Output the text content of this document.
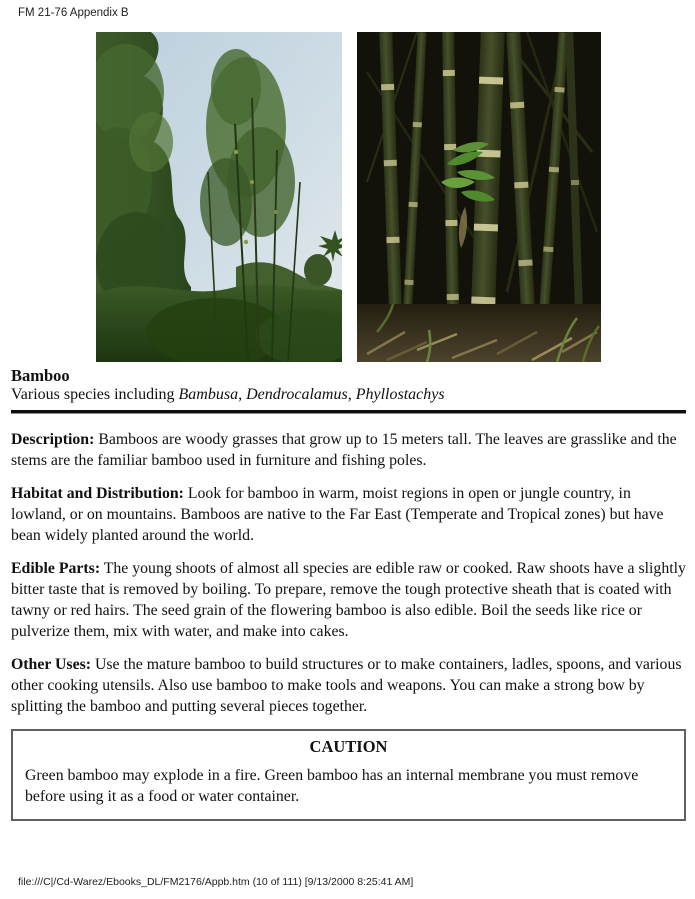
FM 21-76 Appendix B
Bamboo
Various species including Bambusa, Dendrocalamus, Phyllostachys

Description: Bamboos are woody grasses that grow up to 15 meters tall. The leaves are grasslike and the stems are the familiar bamboo used in furniture and fishing poles.

Habitat and Distribution: Look for bamboo in warm, moist regions in open or jungle country, in lowland, or on mountains. Bamboos are native to the Far East (Temperate and Tropical zones) but have bean widely planted around the world.

Edible Parts: The young shoots of almost all species are edible raw or cooked. Raw shoots have a slightly bitter taste that is removed by boiling. To prepare, remove the tough protective sheath that is coated with tawny or red hairs. The seed grain of the flowering bamboo is also edible. Boil the seeds like rice or pulverize them, mix with water, and make into cakes.

Other Uses: Use the mature bamboo to build structures or to make containers, ladles, spoons, and various other cooking utensils. Also use bamboo to make tools and weapons. You can make a strong bow by splitting the bamboo and putting several pieces together.

CAUTION

Green bamboo may explode in a fire. Green bamboo has an internal membrane you must remove before using it as a food or water container.

file:///C|/Cd-Warez/Ebooks_DL/FM2176/Appb.htm (10 of 111) [9/13/2000 8:25:41 AM]
